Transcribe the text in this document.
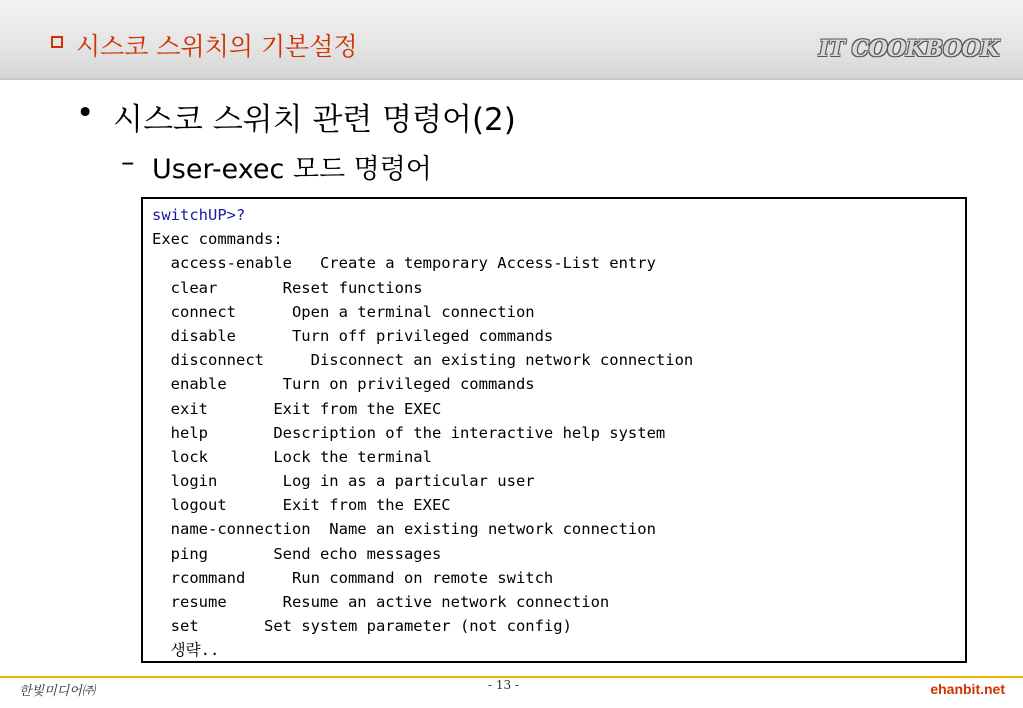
시스코 스위치의 기본설정	IT COOKBOOK
• 시스코 스위치 관련 명령어(2)
– User-exec 모드 명령어
switchUP>?
Exec commands:
access-enable   Create a temporary Access-List entry
clear       Reset functions
connect      Open a terminal connection
disable      Turn off privileged commands
disconnect     Disconnect an existing network connection
enable      Turn on privileged commands
exit       Exit from the EXEC
help       Description of the interactive help system
lock       Lock the terminal
login       Log in as a particular user
logout      Exit from the EXEC
name-connection  Name an existing network connection
ping       Send echo messages
rcommand     Run command on remote switch
resume      Resume an active network connection
set       Set system parameter (not config)
생략..
한빛미디어㈜	- 13 -	ehanbit.net
